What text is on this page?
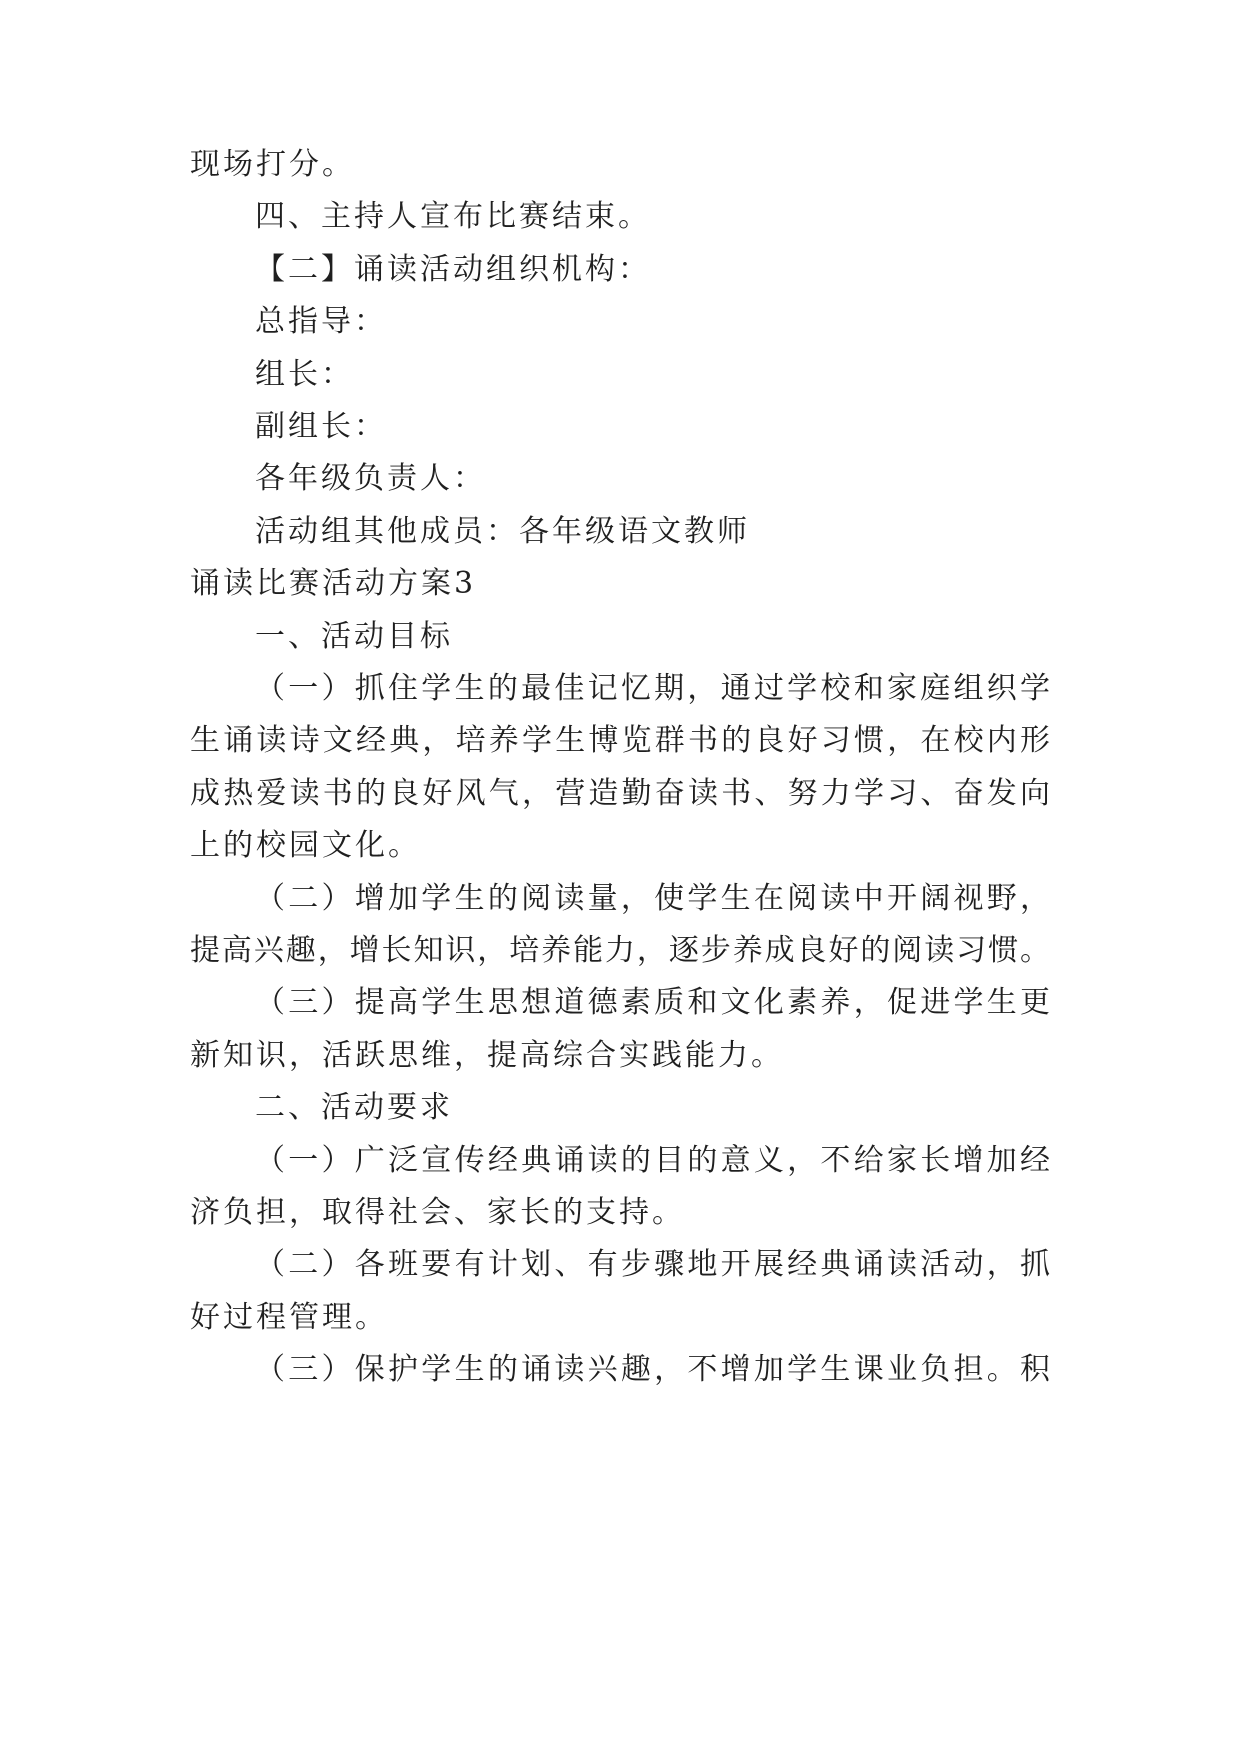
现场打分。
四、主持人宣布比赛结束。
【二】诵读活动组织机构：
总指导：
组长：
副组长：
各年级负责人：
活动组其他成员：各年级语文教师
诵读比赛活动方案3
一、活动目标
（一）抓住学生的最佳记忆期，通过学校和家庭组织学
生诵读诗文经典，培养学生博览群书的良好习惯，在校内形
成热爱读书的良好风气，营造勤奋读书、努力学习、奋发向
上的校园文化。
（二）增加学生的阅读量，使学生在阅读中开阔视野，
提高兴趣，增长知识，培养能力，逐步养成良好的阅读习惯。
（三）提高学生思想道德素质和文化素养，促进学生更
新知识，活跃思维，提高综合实践能力。
二、活动要求
（一）广泛宣传经典诵读的目的意义，不给家长增加经
济负担，取得社会、家长的支持。
（二）各班要有计划、有步骤地开展经典诵读活动，抓
好过程管理。
（三）保护学生的诵读兴趣，不增加学生课业负担。积
